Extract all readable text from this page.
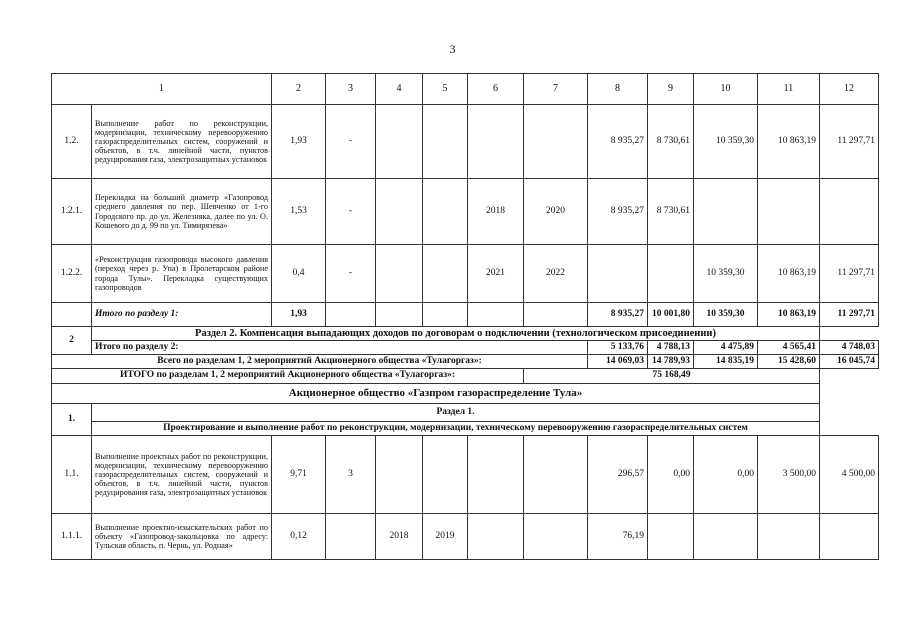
3
1		2	3	4	5	6	7	8	9	10	11	12
1.2.	Выполнение работ по реконструкции, модернизации, техническому перевооружению газораспределительных систем, сооружений и объектов, в т.ч. линейной части, пунктов редуцирования газа, электрозащитных установок	1,93	-					8 935,27	8 730,61	10 359,30	10 863,19	11 297,71
1.2.1.	Перекладка на больший диаметр «Газопровод среднего давления по пер. Шевченко от 1-го Городского пр. до ул. Железняка, далее по ул. О. Кошевого до д. 99 по ул. Тимирязева»	1,53	-			2018	2020	8 935,27	8 730,61			
1.2.2.	«Реконструкция газопровода высокого давления (переход через р. Упа) в Пролетарском районе города Тулы». Перекладка существующих газопроводов	0,4	-			2021	2022			10 359,30	10 863,19	11 297,71
	Итого по разделу 1:	1,93						8 935,27	10 001,80	10 359,30	10 863,19	11 297,71
2	Раздел 2. Компенсация выпадающих доходов по договорам о подключении (технологическом присоединении)											
	Итого по разделу 2:							5 133,76	4 788,13	4 475,89	4 565,41	4 748,03
Всего по разделам 1, 2 мероприятий Акционерного общества «Тулагоргаз»:								14 069,03	14 789,93	14 835,19	15 428,60	16 045,74
ИТОГО по разделам 1, 2 мероприятий Акционерного общества «Тулагоргаз»:							75 168,49					
Акционерное общество «Газпром газораспределение Тула»												
1.	Раздел 1.											
	Проектирование и выполнение работ по реконструкции, модернизации, техническому перевооружению газораспределительных систем											
1.1.	Выполнение проектных работ по реконструкции, модернизации, техническому перевооружению газораспределительных систем, сооружений и объектов, в т.ч. линейной части, пунктов редуцирования газа, электрозащитных установок	9,71	3					296,57	0,00	0,00	3 500,00	4 500,00
1.1.1.	Выполнение проектно-изыскательских работ по объекту «Газопровод-закольцовка по адресу: Тульская область, п. Чернь, ул. Родная»	0,12		2018	2019			76,19				
